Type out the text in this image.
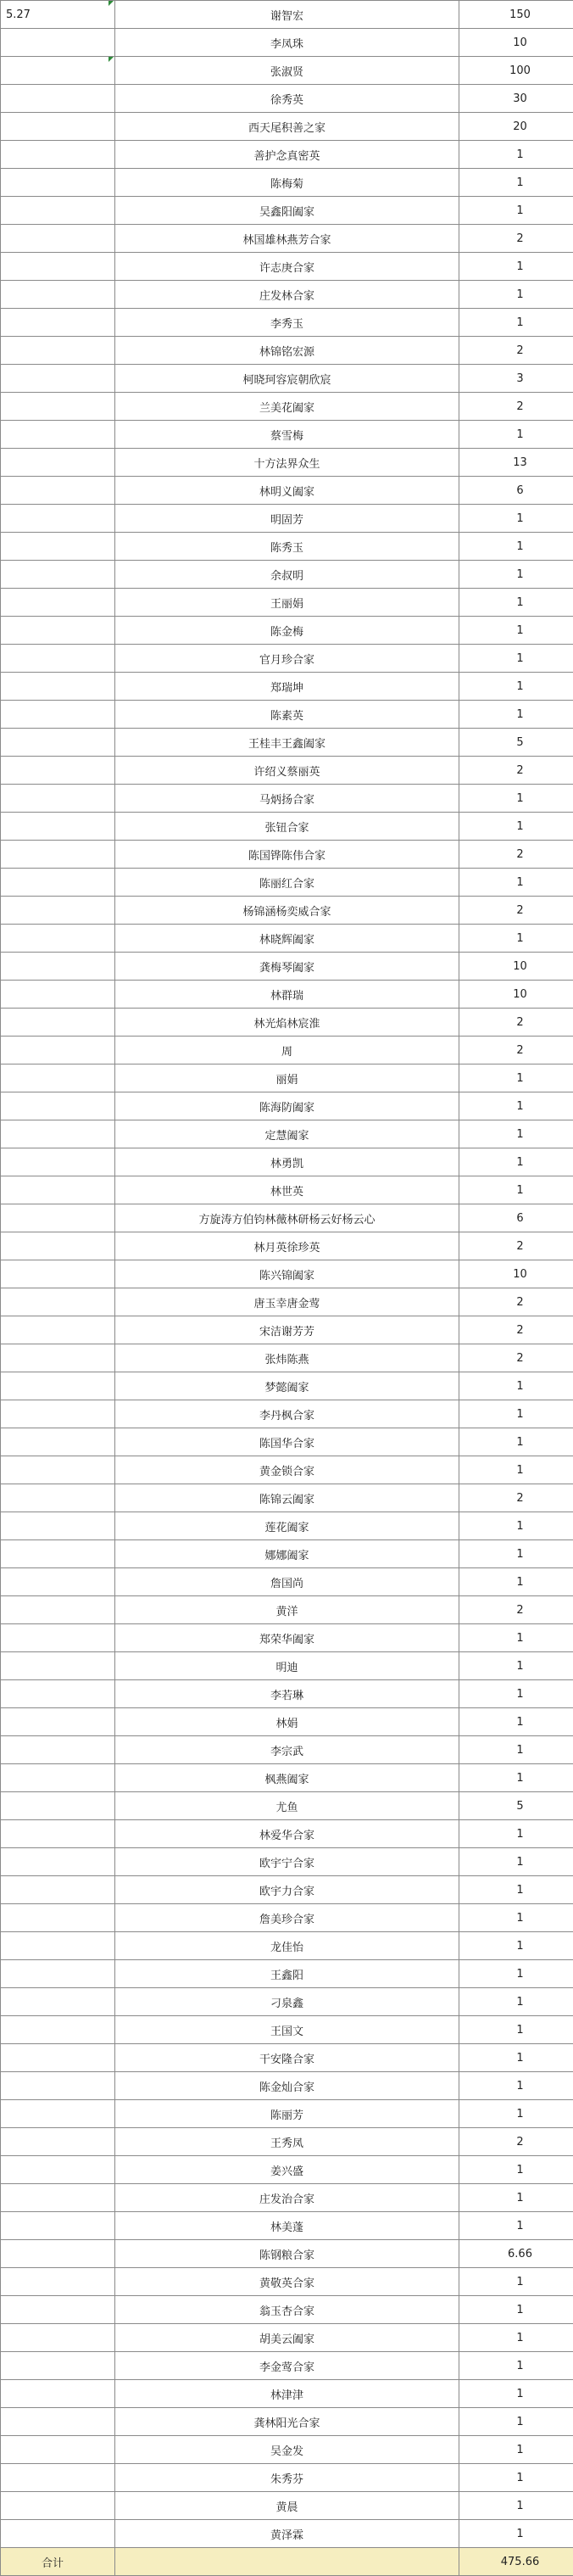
5.27	谢智宏	150
	李凤珠	10
	张淑贤	100
	徐秀英	30
	西天尾积善之家	20
	善护念真密英	1
	陈梅菊	1
	吴鑫阳阖家	1
	林国雄林燕芳合家	2
	许志庚合家	1
	庄发林合家	1
	李秀玉	1
	林锦铭宏源	2
	柯晓珂容宸朝欣宸	3
	兰美花阖家	2
	蔡雪梅	1
	十方法界众生	13
	林明义阖家	6
	明固芳	1
	陈秀玉	1
	余叔明	1
	王丽娟	1
	陈金梅	1
	官月珍合家	1
	郑瑞坤	1
	陈素英	1
	王桂丰王鑫阖家	5
	许绍义蔡丽英	2
	马炳扬合家	1
	张钮合家	1
	陈国铧陈伟合家	2
	陈丽红合家	1
	杨锦涵杨奕威合家	2
	林晓辉阖家	1
	龚梅琴阖家	10
	林群瑞	10
	林光焰林宸淮	2
	周	2
	丽娟	1
	陈海防阖家	1
	定慧阖家	1
	林勇凯	1
	林世英	1
	方旋涛方伯钧林薇林研杨云好杨云心	6
	林月英徐珍英	2
	陈兴锦阖家	10
	唐玉幸唐金莺	2
	宋洁谢芳芳	2
	张炜陈燕	2
	梦懿阖家	1
	李丹枫合家	1
	陈国华合家	1
	黄金锁合家	1
	陈锦云阖家	2
	莲花阖家	1
	娜娜阖家	1
	詹国尚	1
	黄洋	2
	郑荣华阖家	1
	明迪	1
	李若琳	1
	林娟	1
	李宗武	1
	枫燕阖家	1
	尤鱼	5
	林爱华合家	1
	欧宇宁合家	1
	欧宇力合家	1
	詹美珍合家	1
	龙佳怡	1
	王鑫阳	1
	刁泉鑫	1
	王国文	1
	干安隆合家	1
	陈金灿合家	1
	陈丽芳	1
	王秀凤	2
	姜兴盛	1
	庄发治合家	1
	林美蓬	1
	陈钢粮合家	6.66
	黄敬英合家	1
	翁玉杏合家	1
	胡美云阖家	1
	李金莺合家	1
	林津津	1
	龚林阳光合家	1
	吴金发	1
	朱秀芬	1
	黄晨	1
	黄泽霖	1
合计		475.66
